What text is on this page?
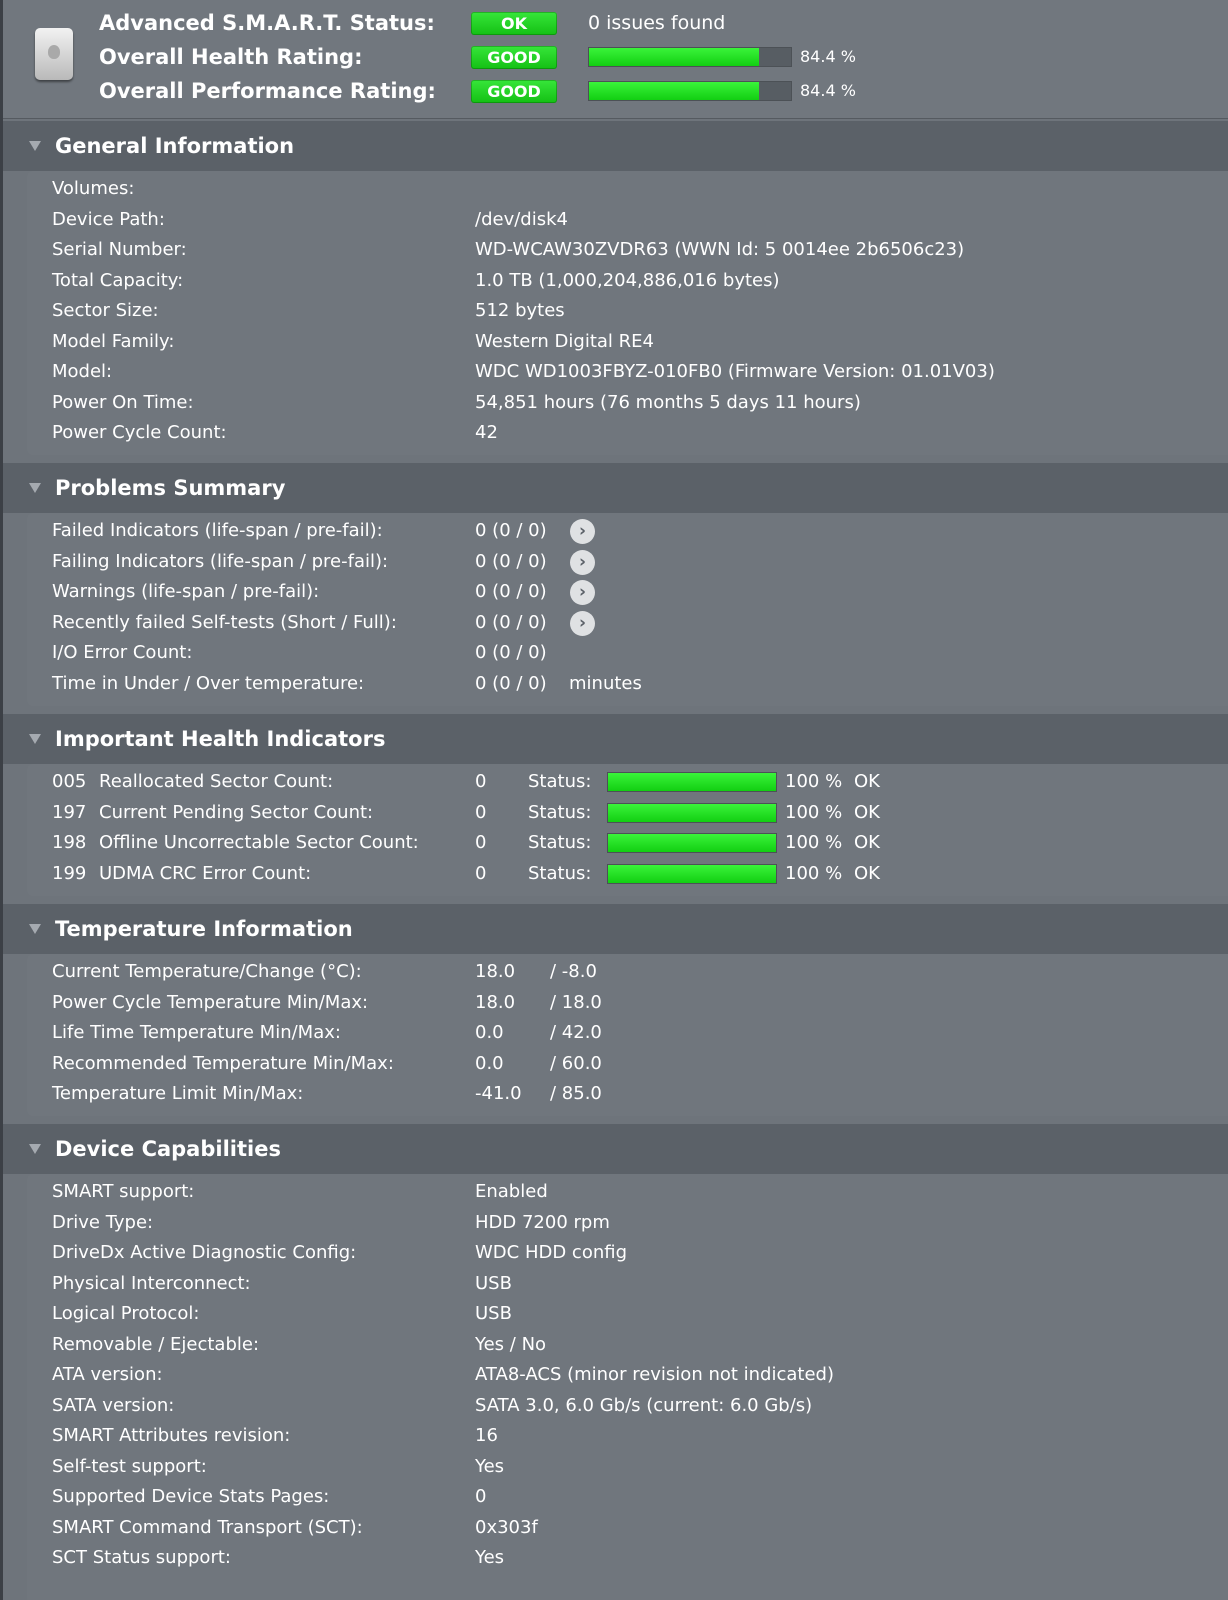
Advanced S.M.A.R.T. Status:	OK	0 issues found
Overall Health Rating:	GOOD	84.4 %
Overall Performance Rating:	GOOD	84.4 %
General Information
Volumes:
Device Path:	/dev/disk4
Serial Number:	WD-WCAW30ZVDR63 (WWN Id: 5 0014ee 2b6506c23)
Total Capacity:	1.0 TB (1,000,204,886,016 bytes)
Sector Size:	512 bytes
Model Family:	Western Digital RE4
Model:	WDC WD1003FBYZ-010FB0 (Firmware Version: 01.01V03)
Power On Time:	54,851 hours (76 months 5 days 11 hours)
Power Cycle Count:	42
Problems Summary
Failed Indicators (life-span / pre-fail):	0 (0 / 0)	›
Failing Indicators (life-span / pre-fail):	0 (0 / 0)	›
Warnings (life-span / pre-fail):	0 (0 / 0)	›
Recently failed Self-tests (Short / Full):	0 (0 / 0)	›
I/O Error Count:	0 (0 / 0)
Time in Under / Over temperature:	0 (0 / 0) minutes
Important Health Indicators
005 Reallocated Sector Count:	0 Status:	100 % OK
197 Current Pending Sector Count:	0 Status:	100 % OK
198 Offline Uncorrectable Sector Count:	0 Status:	100 % OK
199 UDMA CRC Error Count:	0 Status:	100 % OK
Temperature Information
Current Temperature/Change (°C):	18.0 / -8.0
Power Cycle Temperature Min/Max:	18.0 / 18.0
Life Time Temperature Min/Max:	0.0	/ 42.0
Recommended Temperature Min/Max:	0.0	/ 60.0
Temperature Limit Min/Max:	-41.0 / 85.0
Device Capabilities
SMART support:	Enabled
Drive Type:	HDD 7200 rpm
DriveDx Active Diagnostic Config:	WDC HDD config
Physical Interconnect:	USB
Logical Protocol:	USB
Removable / Ejectable:	Yes / No
ATA version:	ATA8-ACS (minor revision not indicated)
SATA version:	SATA 3.0, 6.0 Gb/s (current: 6.0 Gb/s)
SMART Attributes revision:	16
Self-test support:	Yes
Supported Device Stats Pages:	0
SMART Command Transport (SCT):	0x303f
SCT Status support:	Yes
